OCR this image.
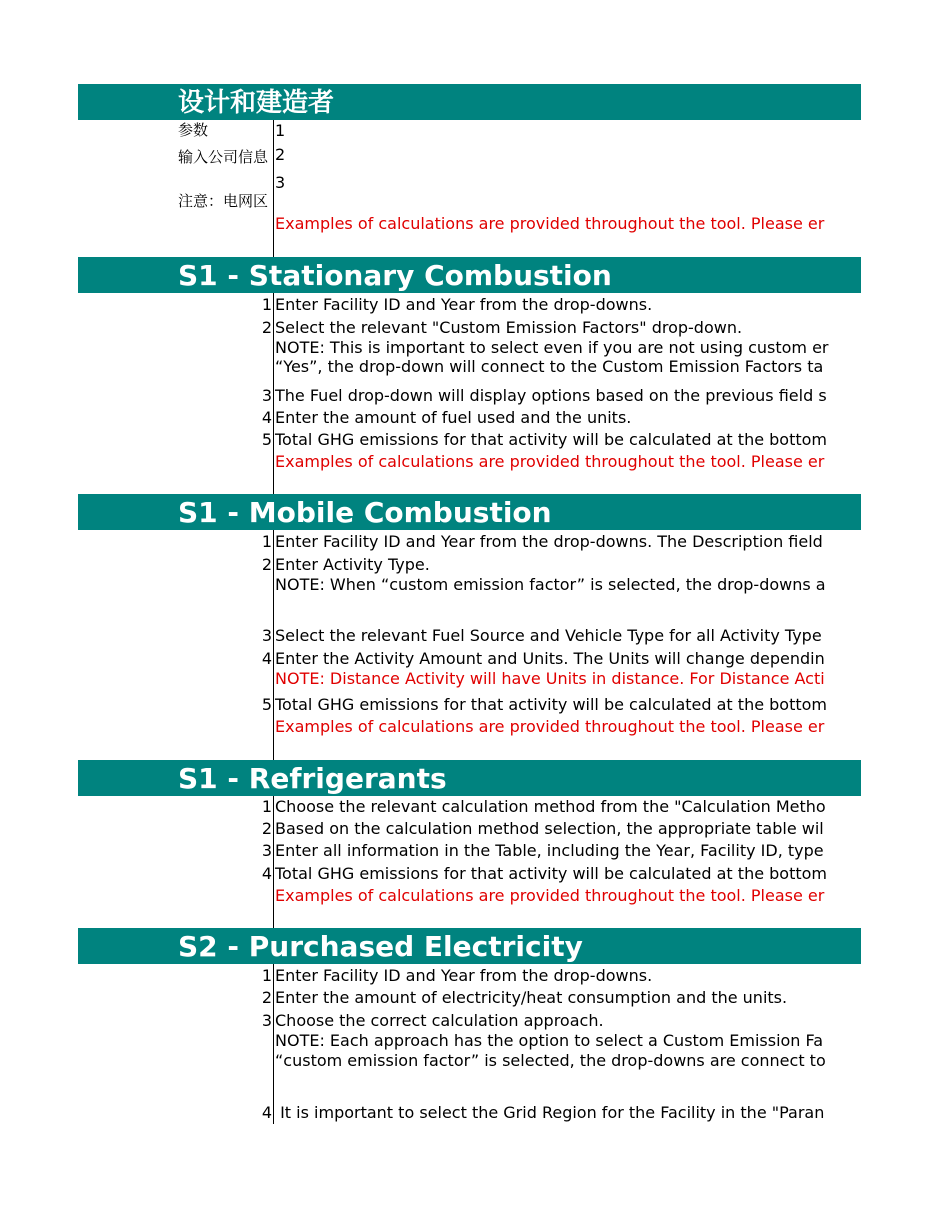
设计和建造者
参数	1
输入公司信息 2
3
注意：电网区
Examples of calculations are provided throughout the tool. Please er
S1 - Stationary Combustion
1 Enter Facility ID and Year from the drop-downs.
2 Select the relevant "Custom Emission Factors" drop-down.
NOTE: This is important to select even if you are not using custom er
“Yes”, the drop-down will connect to the Custom Emission Factors ta
3 The Fuel drop-down will display options based on the previous field s
4 Enter the amount of fuel used and the units.
5 Total GHG emissions for that activity will be calculated at the bottom
Examples of calculations are provided throughout the tool. Please er
S1 - Mobile Combustion
1 Enter Facility ID and Year from the drop-downs. The Description field
2 Enter Activity Type.
NOTE: When “custom emission factor” is selected, the drop-downs a
3 Select the relevant Fuel Source and Vehicle Type for all Activity Type
4 Enter the Activity Amount and Units. The Units will change dependin
NOTE: Distance Activity will have Units in distance. For Distance Acti
5 Total GHG emissions for that activity will be calculated at the bottom
Examples of calculations are provided throughout the tool. Please er
S1 - Refrigerants
1 Choose the relevant calculation method from the "Calculation Metho
2 Based on the calculation method selection, the appropriate table wil
3 Enter all information in the Table, including the Year, Facility ID, type
4 Total GHG emissions for that activity will be calculated at the bottom
Examples of calculations are provided throughout the tool. Please er
S2 - Purchased Electricity
1 Enter Facility ID and Year from the drop-downs.
2 Enter the amount of electricity/heat consumption and the units.
3 Choose the correct calculation approach.
NOTE: Each approach has the option to select a Custom Emission Fa
“custom emission factor” is selected, the drop-downs are connect to
4 It is important to select the Grid Region for the Facility in the "Paran
